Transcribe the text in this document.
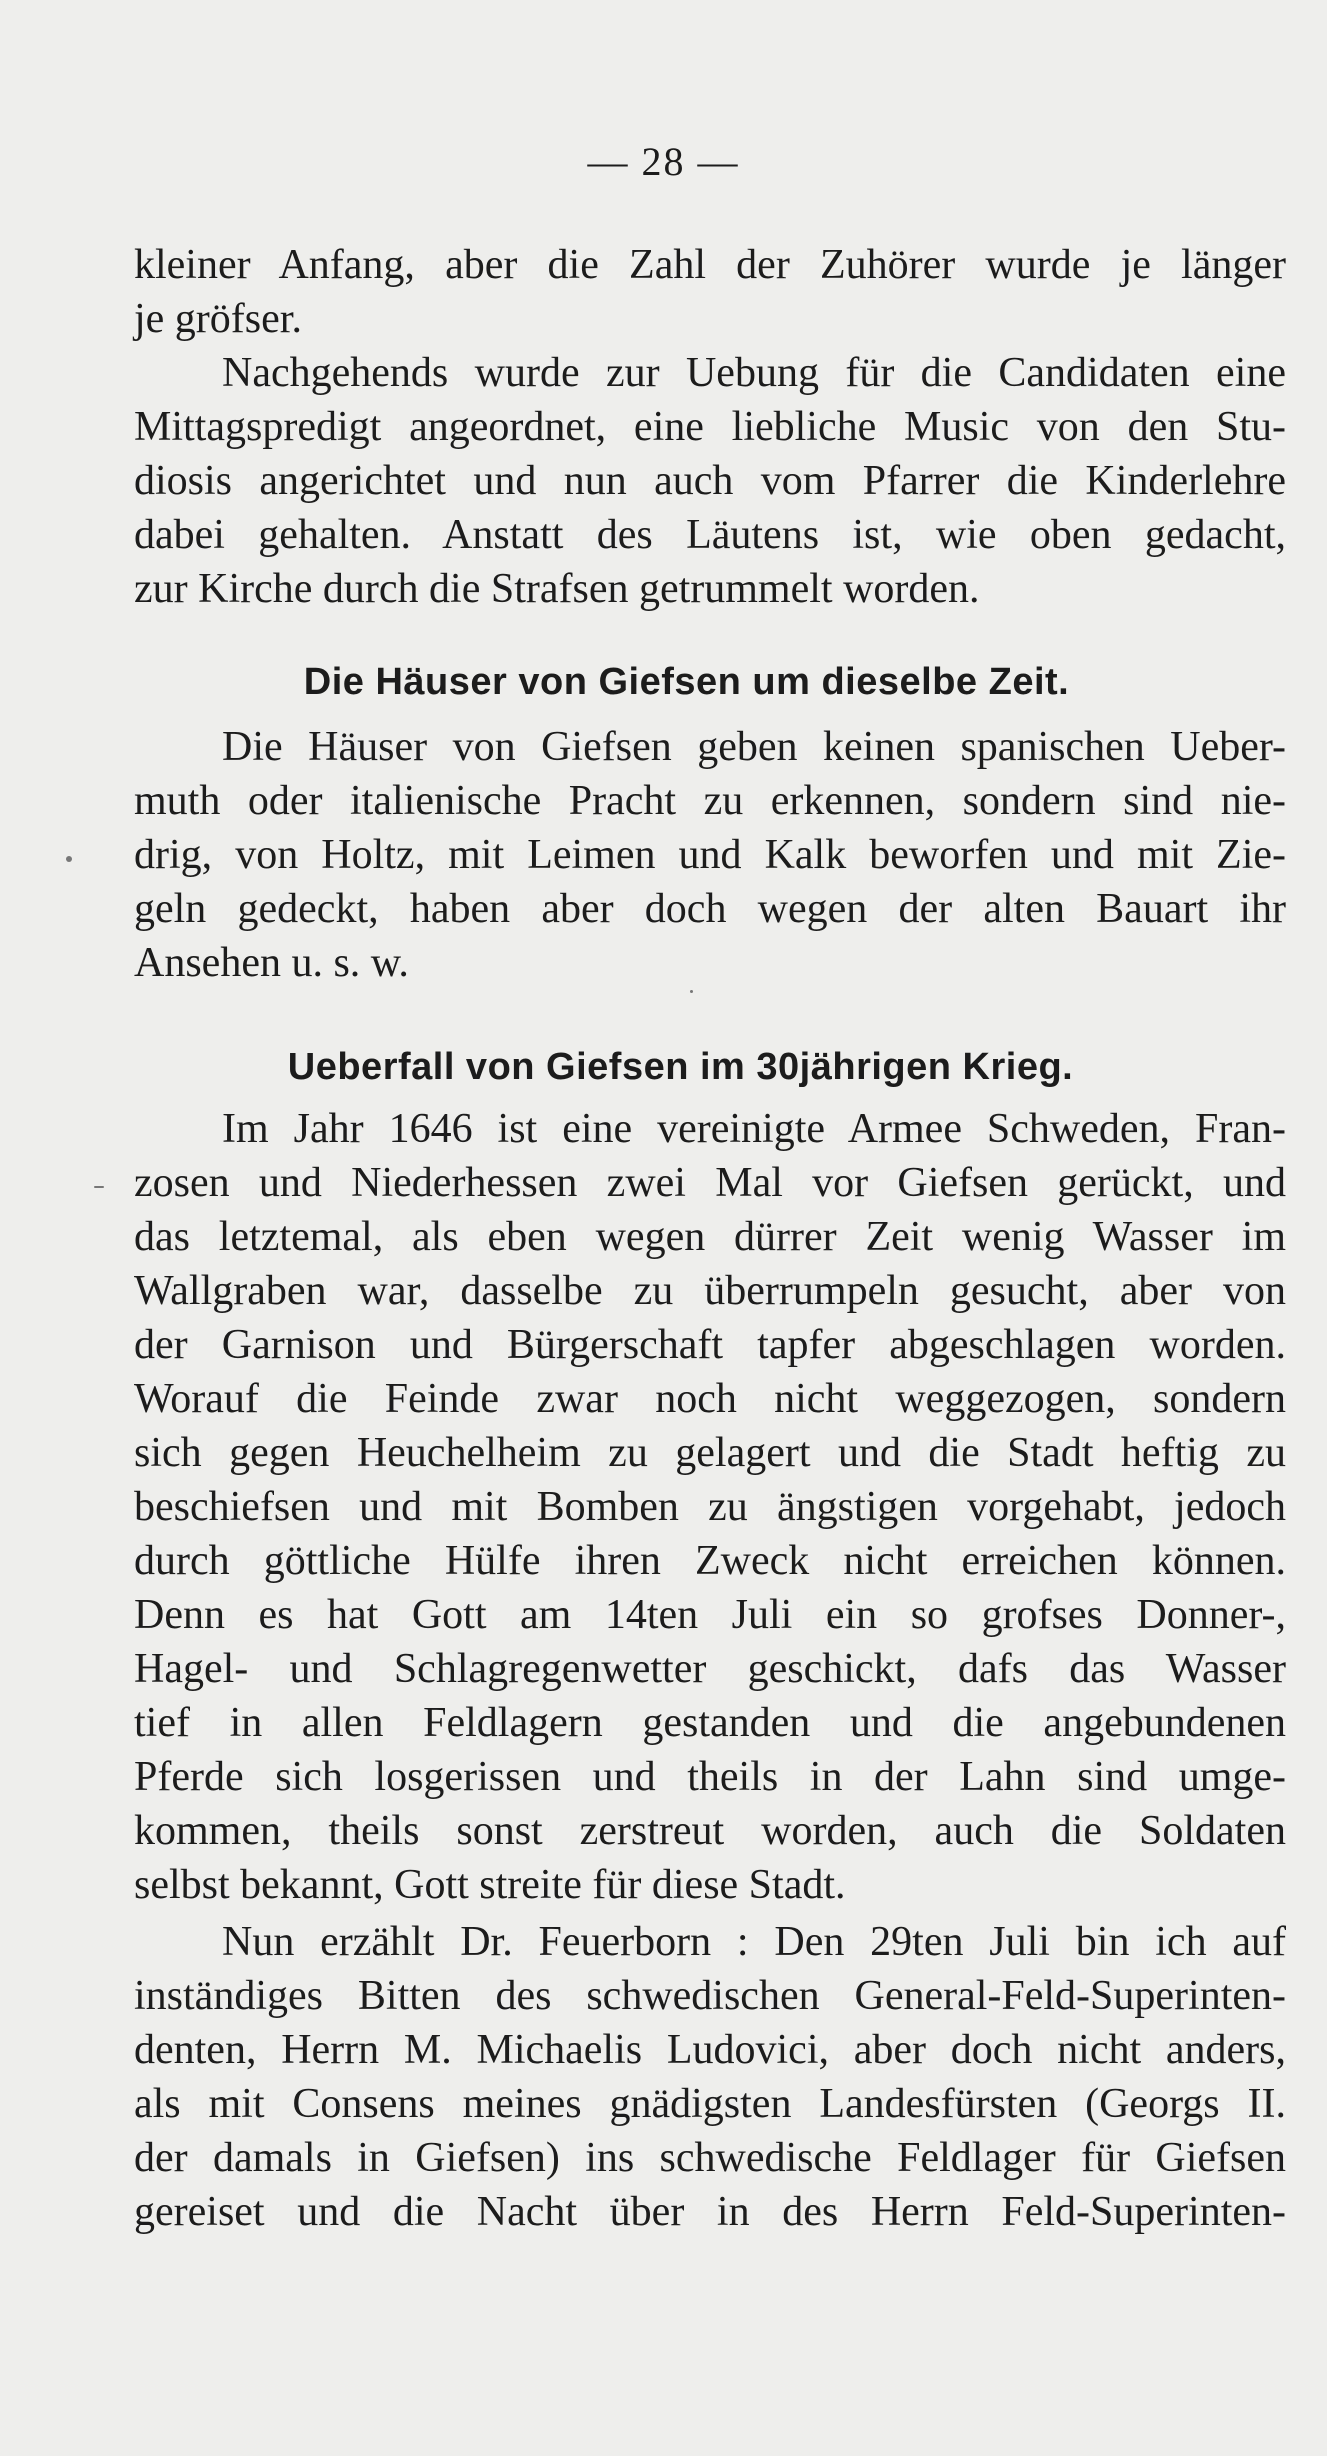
— 28 —
kleiner Anfang, aber die Zahl der Zuhörer wurde je länger
je gröfser.
Nachgehends wurde zur Uebung für die Candidaten eine
Mittagspredigt angeordnet, eine liebliche Music von den Stu-
diosis angerichtet und nun auch vom Pfarrer die Kinderlehre
dabei gehalten. Anstatt des Läutens ist, wie oben gedacht,
zur Kirche durch die Strafsen getrummelt worden.
Die Häuser von Giefsen um dieselbe Zeit.
Die Häuser von Giefsen geben keinen spanischen Ueber-
muth oder italienische Pracht zu erkennen, sondern sind nie-
drig, von Holtz, mit Leimen und Kalk beworfen und mit Zie-
geln gedeckt, haben aber doch wegen der alten Bauart ihr
Ansehen u. s. w.
Ueberfall von Giefsen im 30jährigen Krieg.
Im Jahr 1646 ist eine vereinigte Armee Schweden, Fran-
zosen und Niederhessen zwei Mal vor Giefsen gerückt, und
das letztemal, als eben wegen dürrer Zeit wenig Wasser im
Wallgraben war, dasselbe zu überrumpeln gesucht, aber von
der Garnison und Bürgerschaft tapfer abgeschlagen worden.
Worauf die Feinde zwar noch nicht weggezogen, sondern
sich gegen Heuchelheim zu gelagert und die Stadt heftig zu
beschiefsen und mit Bomben zu ängstigen vorgehabt, jedoch
durch göttliche Hülfe ihren Zweck nicht erreichen können.
Denn es hat Gott am 14ten Juli ein so grofses Donner-,
Hagel- und Schlagregenwetter geschickt, dafs das Wasser
tief in allen Feldlagern gestanden und die angebundenen
Pferde sich losgerissen und theils in der Lahn sind umge-
kommen, theils sonst zerstreut worden, auch die Soldaten
selbst bekannt, Gott streite für diese Stadt.
Nun erzählt Dr. Feuerborn : Den 29ten Juli bin ich auf
inständiges Bitten des schwedischen General-Feld-Superinten-
denten, Herrn M. Michaelis Ludovici, aber doch nicht anders,
als mit Consens meines gnädigsten Landesfürsten (Georgs II.
der damals in Giefsen) ins schwedische Feldlager für Giefsen
gereiset und die Nacht über in des Herrn Feld-Superinten-
